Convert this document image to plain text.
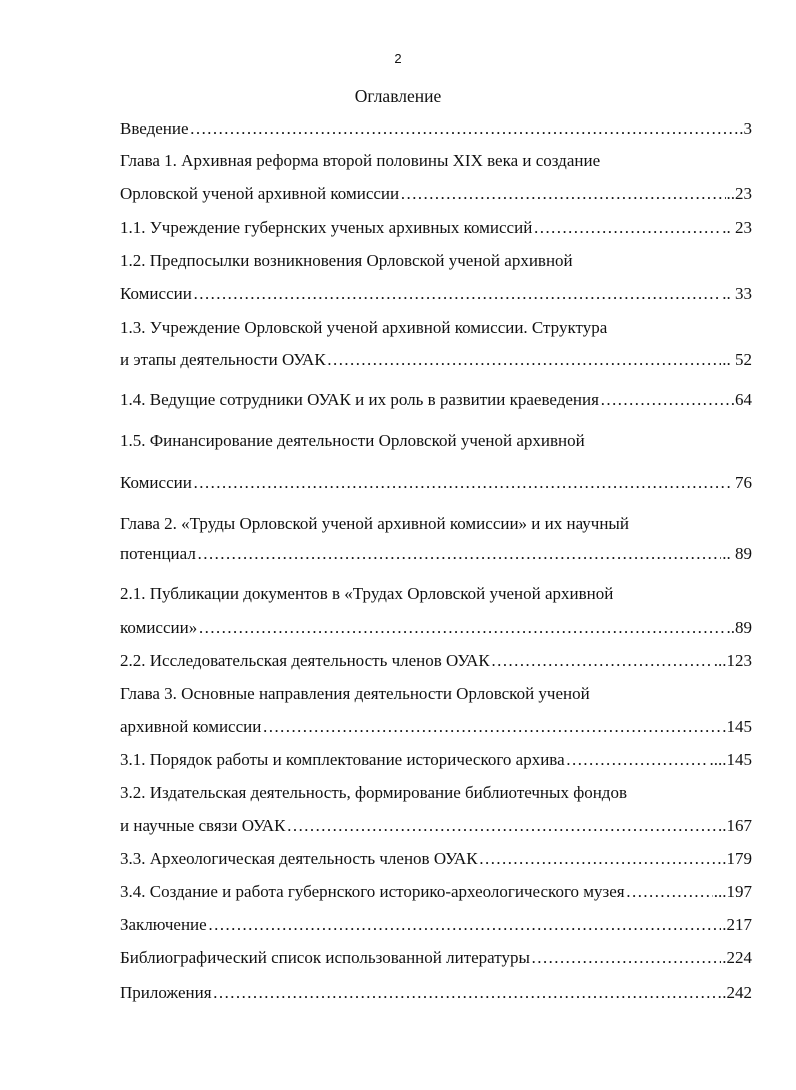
2
Оглавление
Введение …………………………………………………………………………………………………………………………………………………………………………………………………………………	.3
Глава 1. Архивная реформа второй половины XIX века и создание
Орловской ученой архивной комиссии …………………………………………………………………………………………………………………………………………………………………………………………………………………	..23
1.1. Учреждение губернских ученых архивных комиссий …………………………………………………………………………………………………………………………………………………………………………………………………………………	.. 23
1.2. Предпосылки возникновения Орловской ученой архивной
Комиссии …………………………………………………………………………………………………………………………………………………………………………………………………………………	.. 33
1.3. Учреждение Орловской ученой архивной комиссии. Структура
и этапы деятельности ОУАК …………………………………………………………………………………………………………………………………………………………………………………………………………………	.. 52
1.4. Ведущие сотрудники ОУАК и их роль в развитии краеведения …………………………………………………………………………………………………………………………………………………………………………………………………………………	.64
1.5. Финансирование деятельности Орловской ученой архивной
Комиссии …………………………………………………………………………………………………………………………………………………………………………………………………………………	. 76
Глава 2. «Труды Орловской ученой архивной комиссии» и их научный
потенциал …………………………………………………………………………………………………………………………………………………………………………………………………………………	.. 89
2.1. Публикации документов в «Трудах Орловской ученой архивной
комиссии» …………………………………………………………………………………………………………………………………………………………………………………………………………………	..89
2.2. Исследовательская деятельность членов ОУАК …………………………………………………………………………………………………………………………………………………………………………………………………………………	...123
Глава 3. Основные направления деятельности Орловской ученой
архивной комиссии …………………………………………………………………………………………………………………………………………………………………………………………………………………	.145
3.1. Порядок работы и комплектование исторического архива …………………………………………………………………………………………………………………………………………………………………………………………………………………	....145
3.2. Издательская деятельность, формирование библиотечных фондов
и научные связи ОУАК …………………………………………………………………………………………………………………………………………………………………………………………………………………	..167
3.3. Археологическая деятельность членов ОУАК …………………………………………………………………………………………………………………………………………………………………………………………………………………	.179
3.4. Создание и работа губернского историко-археологического музея …………………………………………………………………………………………………………………………………………………………………………………………………………………	...197
Заключение …………………………………………………………………………………………………………………………………………………………………………………………………………………	.217
Библиографический список использованной литературы …………………………………………………………………………………………………………………………………………………………………………………………………………………	.224
Приложения …………………………………………………………………………………………………………………………………………………………………………………………………………………	.242
